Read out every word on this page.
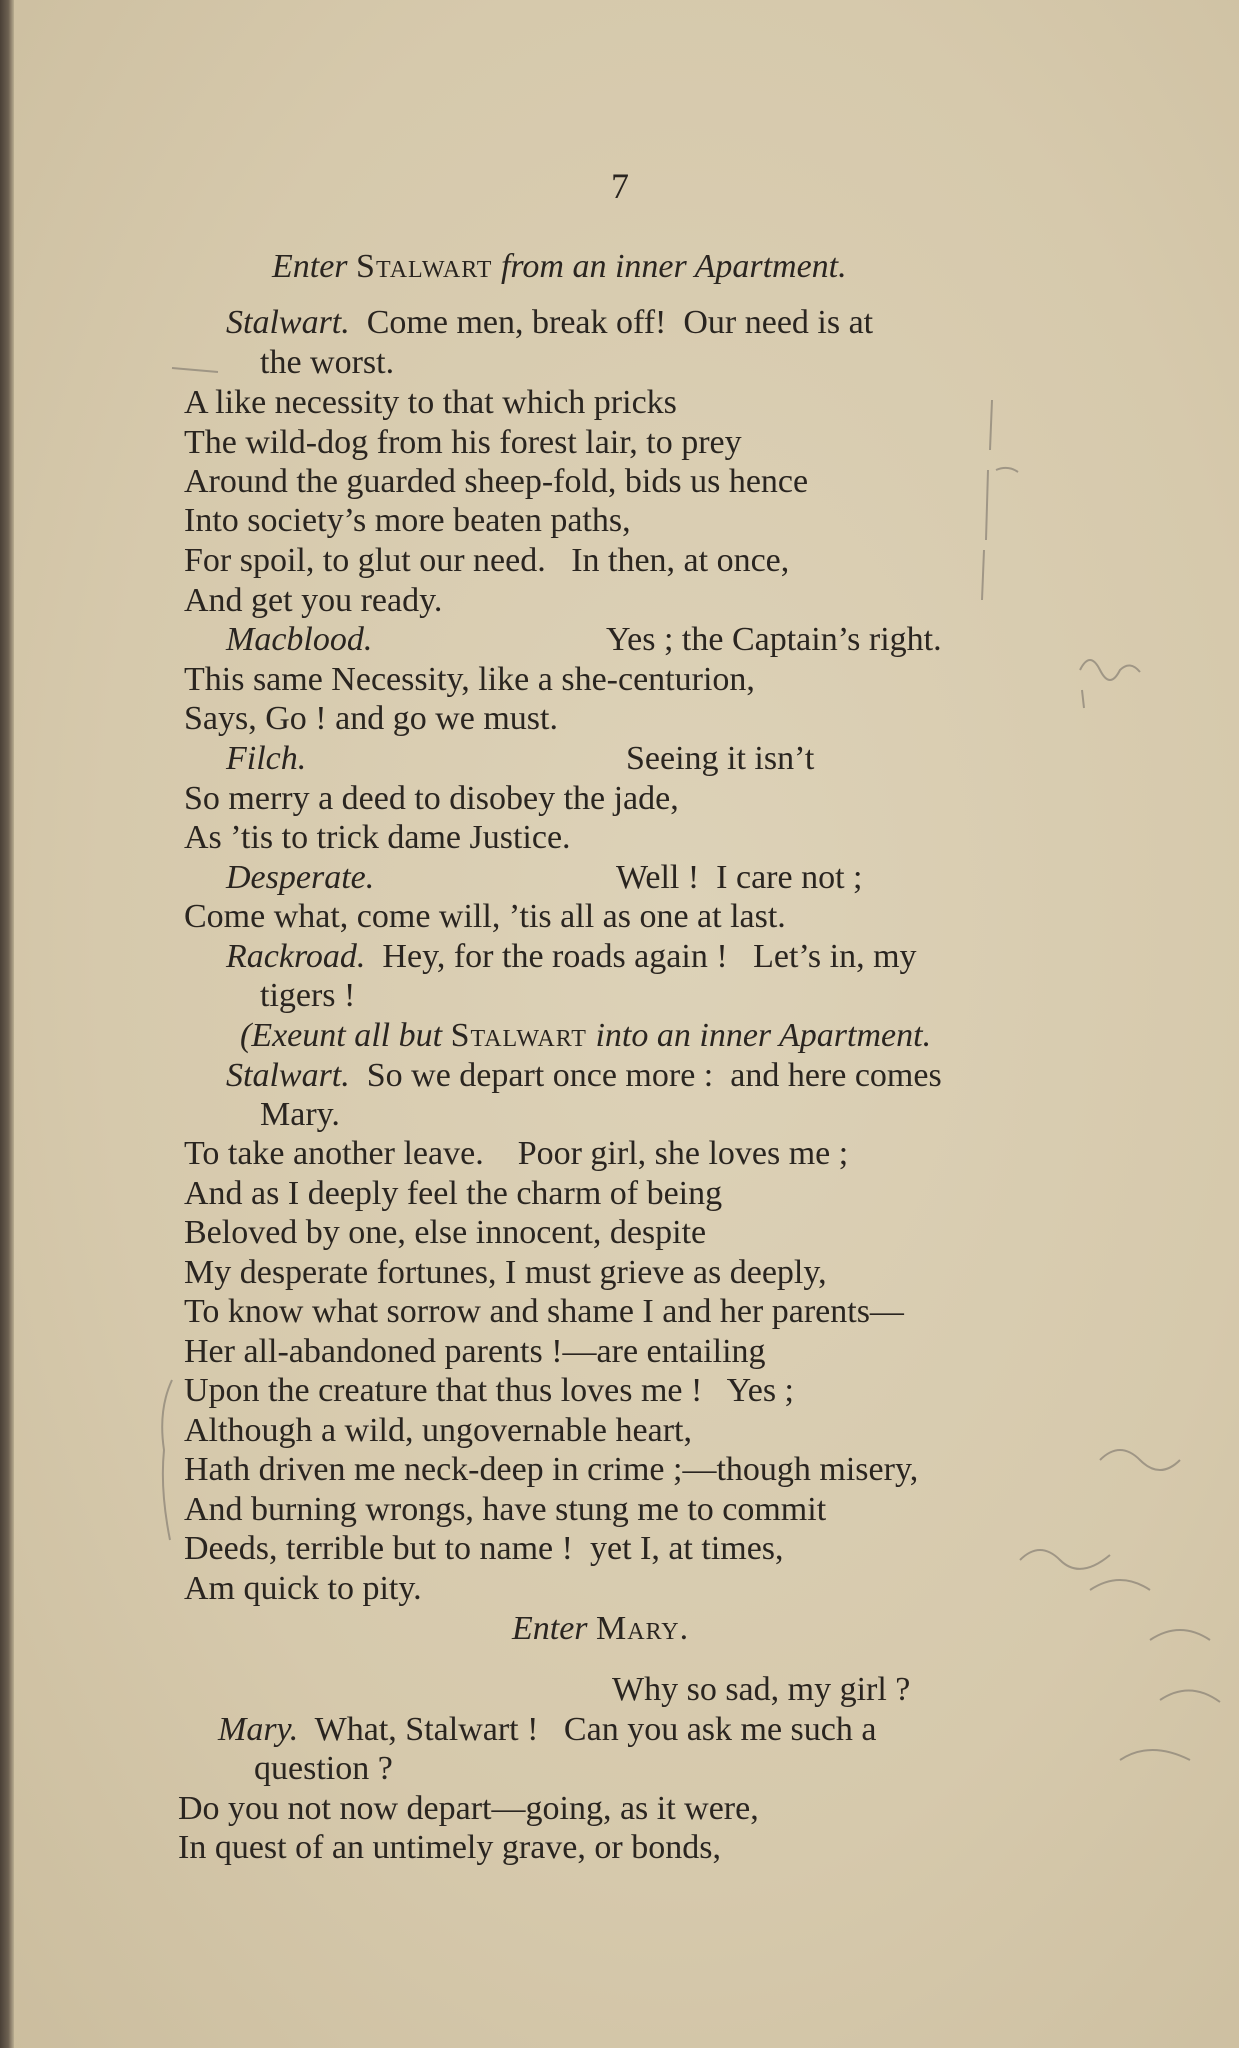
7
Enter Stalwart from an inner Apartment.
Stalwart. Come men, break off!  Our need is at
the worst.
A like necessity to that which pricks
The wild-dog from his forest lair, to prey
Around the guarded sheep-fold, bids us hence
Into society’s more beaten paths,
For spoil, to glut our need.   In then, at once,
And get you ready.
Macblood.	Yes ; the Captain’s right.
This same Necessity, like a she-centurion,
Says, Go ! and go we must.
Filch.	Seeing it isn’t
So merry a deed to disobey the jade,
As ’tis to trick dame Justice.
Desperate.	Well !  I care not ;
Come what, come will, ’tis all as one at last.
Rackroad. Hey, for the roads again !   Let’s in, my
tigers !
(Exeunt all but Stalwart into an inner Apartment.
Stalwart. So we depart once more :  and here comes
Mary.
To take another leave.    Poor girl, she loves me ;
And as I deeply feel the charm of being
Beloved by one, else innocent, despite
My desperate fortunes, I must grieve as deeply,
To know what sorrow and shame I and her parents—
Her all-abandoned parents !—are entailing
Upon the creature that thus loves me !   Yes ;
Although a wild, ungovernable heart,
Hath driven me neck-deep in crime ;—though misery,
And burning wrongs, have stung me to commit
Deeds, terrible but to name !  yet I, at times,
Am quick to pity.
Enter Mary.
Why so sad, my girl ?
Mary. What, Stalwart !   Can you ask me such a
question ?
Do you not now depart—going, as it were,
In quest of an untimely grave, or bonds,
